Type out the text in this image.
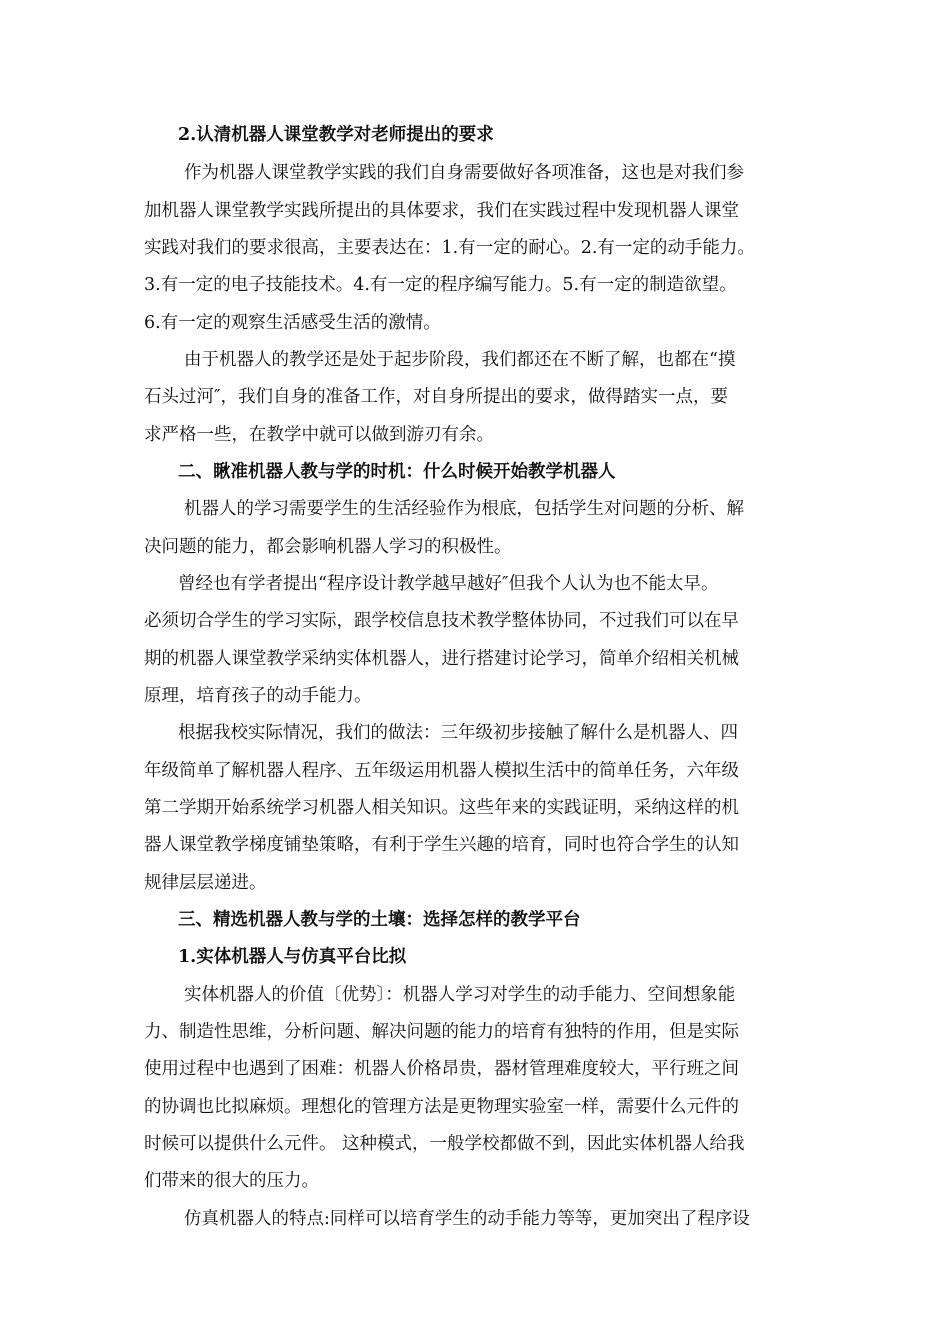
2.认清机器人课堂教学对老师提出的要求
作为机器人课堂教学实践的我们自身需要做好各项准备，这也是对我们参
加机器人课堂教学实践所提出的具体要求，我们在实践过程中发现机器人课堂
实践对我们的要求很高，主要表达在：1.有一定的耐心。2.有一定的动手能力。
3.有一定的电子技能技术。4.有一定的程序编写能力。5.有一定的制造欲望。
6.有一定的观察生活感受生活的激情。
由于机器人的教学还是处于起步阶段，我们都还在不断了解，也都在“摸
石头过河″，我们自身的准备工作，对自身所提出的要求，做得踏实一点，要
求严格一些，在教学中就可以做到游刃有余。
二、瞅准机器人教与学的时机：什么时候开始教学机器人
机器人的学习需要学生的生活经验作为根底，包括学生对问题的分析、解
决问题的能力，都会影响机器人学习的积极性。
曾经也有学者提出“程序设计教学越早越好″但我个人认为也不能太早。
必须切合学生的学习实际，跟学校信息技术教学整体协同，不过我们可以在早
期的机器人课堂教学采纳实体机器人，进行搭建讨论学习，简单介绍相关机械
原理，培育孩子的动手能力。
根据我校实际情况，我们的做法：三年级初步接触了解什么是机器人、四
年级简单了解机器人程序、五年级运用机器人模拟生活中的简单任务，六年级
第二学期开始系统学习机器人相关知识。这些年来的实践证明，采纳这样的机
器人课堂教学梯度铺垫策略，有利于学生兴趣的培育，同时也符合学生的认知
规律层层递进。
三、精选机器人教与学的土壤：选择怎样的教学平台
1.实体机器人与仿真平台比拟
实体机器人的价值〔优势〕：机器人学习对学生的动手能力、空间想象能
力、制造性思维，分析问题、解决问题的能力的培育有独特的作用，但是实际
使用过程中也遇到了困难：机器人价格昂贵，器材管理难度较大，平行班之间
的协调也比拟麻烦。理想化的管理方法是更物理实验室一样，需要什么元件的
时候可以提供什么元件。 这种模式，一般学校都做不到，因此实体机器人给我
们带来的很大的压力。
仿真机器人的特点:同样可以培育学生的动手能力等等，更加突出了程序设
